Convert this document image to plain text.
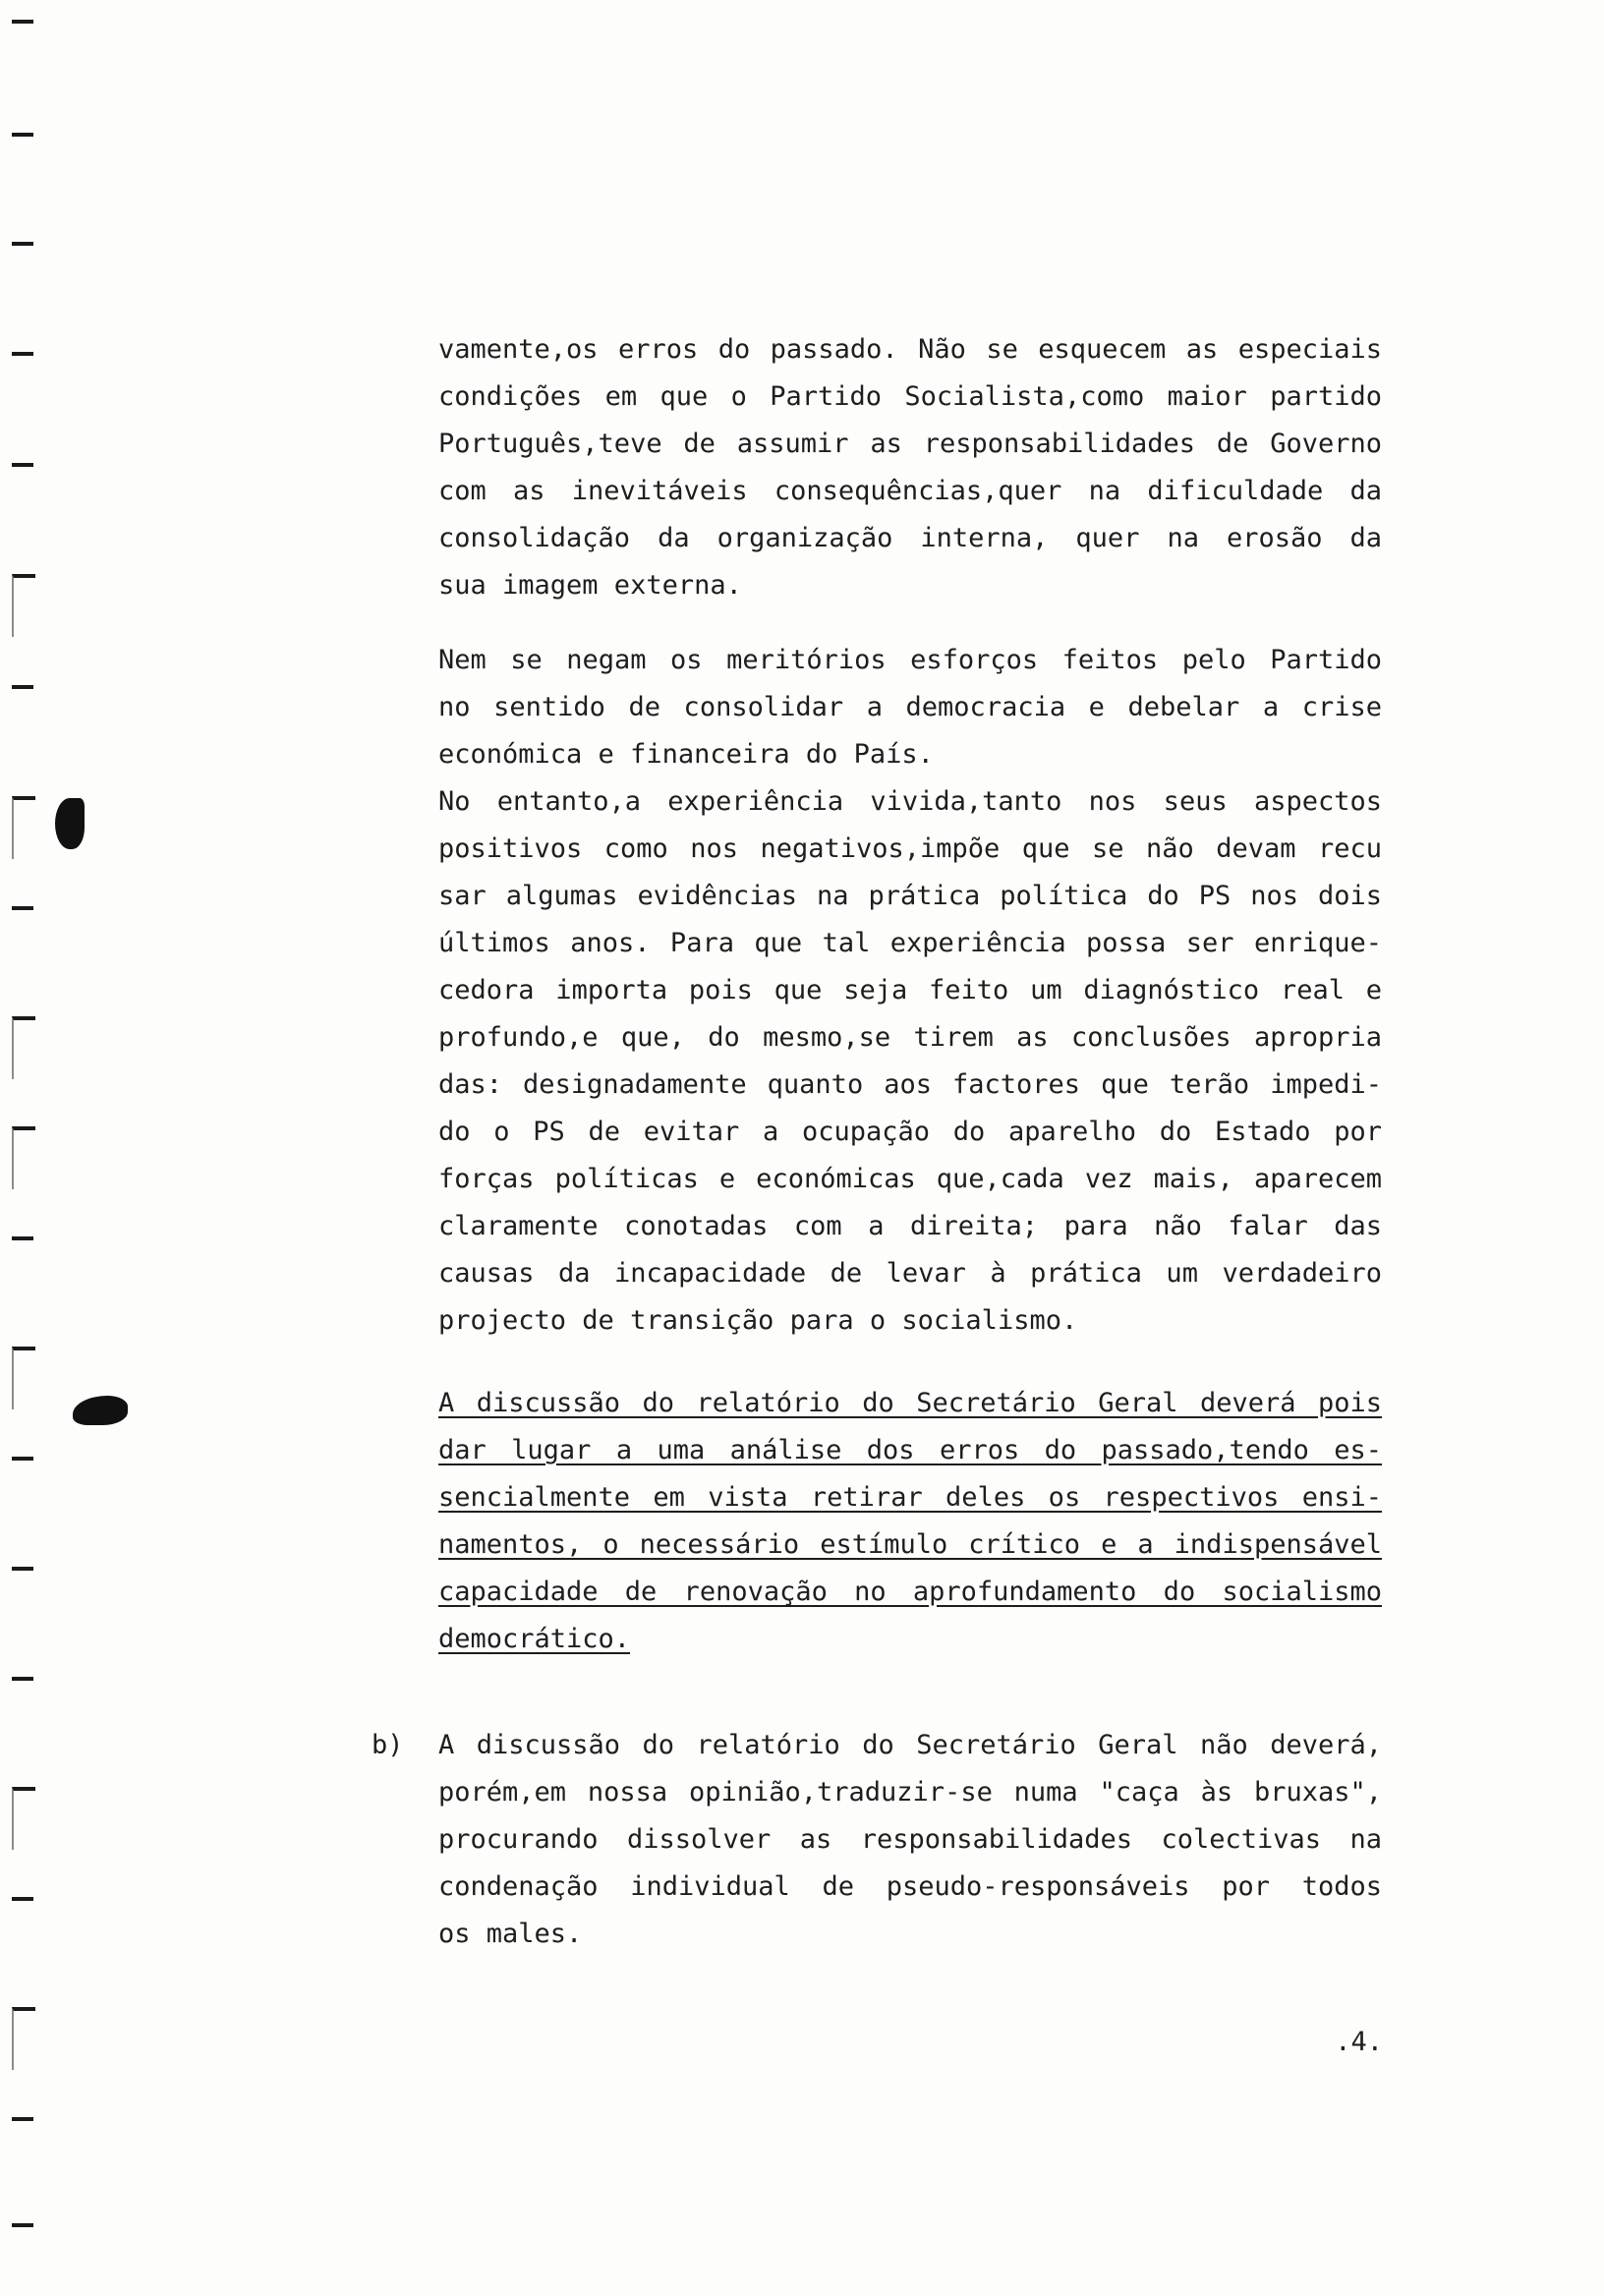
vamente,os erros do passado. Não se esquecem as especiais
condições em que o Partido Socialista,como maior partido
Português,teve de assumir as responsabilidades de Governo
com as inevitáveis consequências,quer na dificuldade da
consolidação da organização interna, quer na erosão da
sua imagem externa.
Nem se negam os meritórios esforços feitos pelo Partido
no sentido de consolidar a democracia e debelar a crise
económica e financeira do País.
No entanto,a experiência vivida,tanto nos seus aspectos
positivos como nos negativos,impõe que se não devam recu
sar algumas evidências na prática política do PS nos dois
últimos anos. Para que tal experiência possa ser enrique-
cedora importa pois que seja feito um diagnóstico real e
profundo,e que, do mesmo,se tirem as conclusões apropria
das: designadamente quanto aos factores que terão impedi-
do o PS de evitar a ocupação do aparelho do Estado por
forças políticas e económicas que,cada vez mais, aparecem
claramente conotadas com a direita; para não falar das
causas da incapacidade de levar à prática um verdadeiro
projecto de transição para o socialismo.
A discussão do relatório do Secretário Geral deverá pois
dar lugar a uma análise dos erros do passado,tendo es-
sencialmente em vista retirar deles os respectivos ensi-
namentos, o necessário estímulo crítico e a indispensável
capacidade de renovação no aprofundamento do socialismo
democrático.
b) A discussão do relatório do Secretário Geral não deverá,
porém,em nossa opinião,traduzir-se numa "caça às bruxas",
procurando dissolver as responsabilidades colectivas na
condenação individual de pseudo-responsáveis por todos
os males.
.4.
